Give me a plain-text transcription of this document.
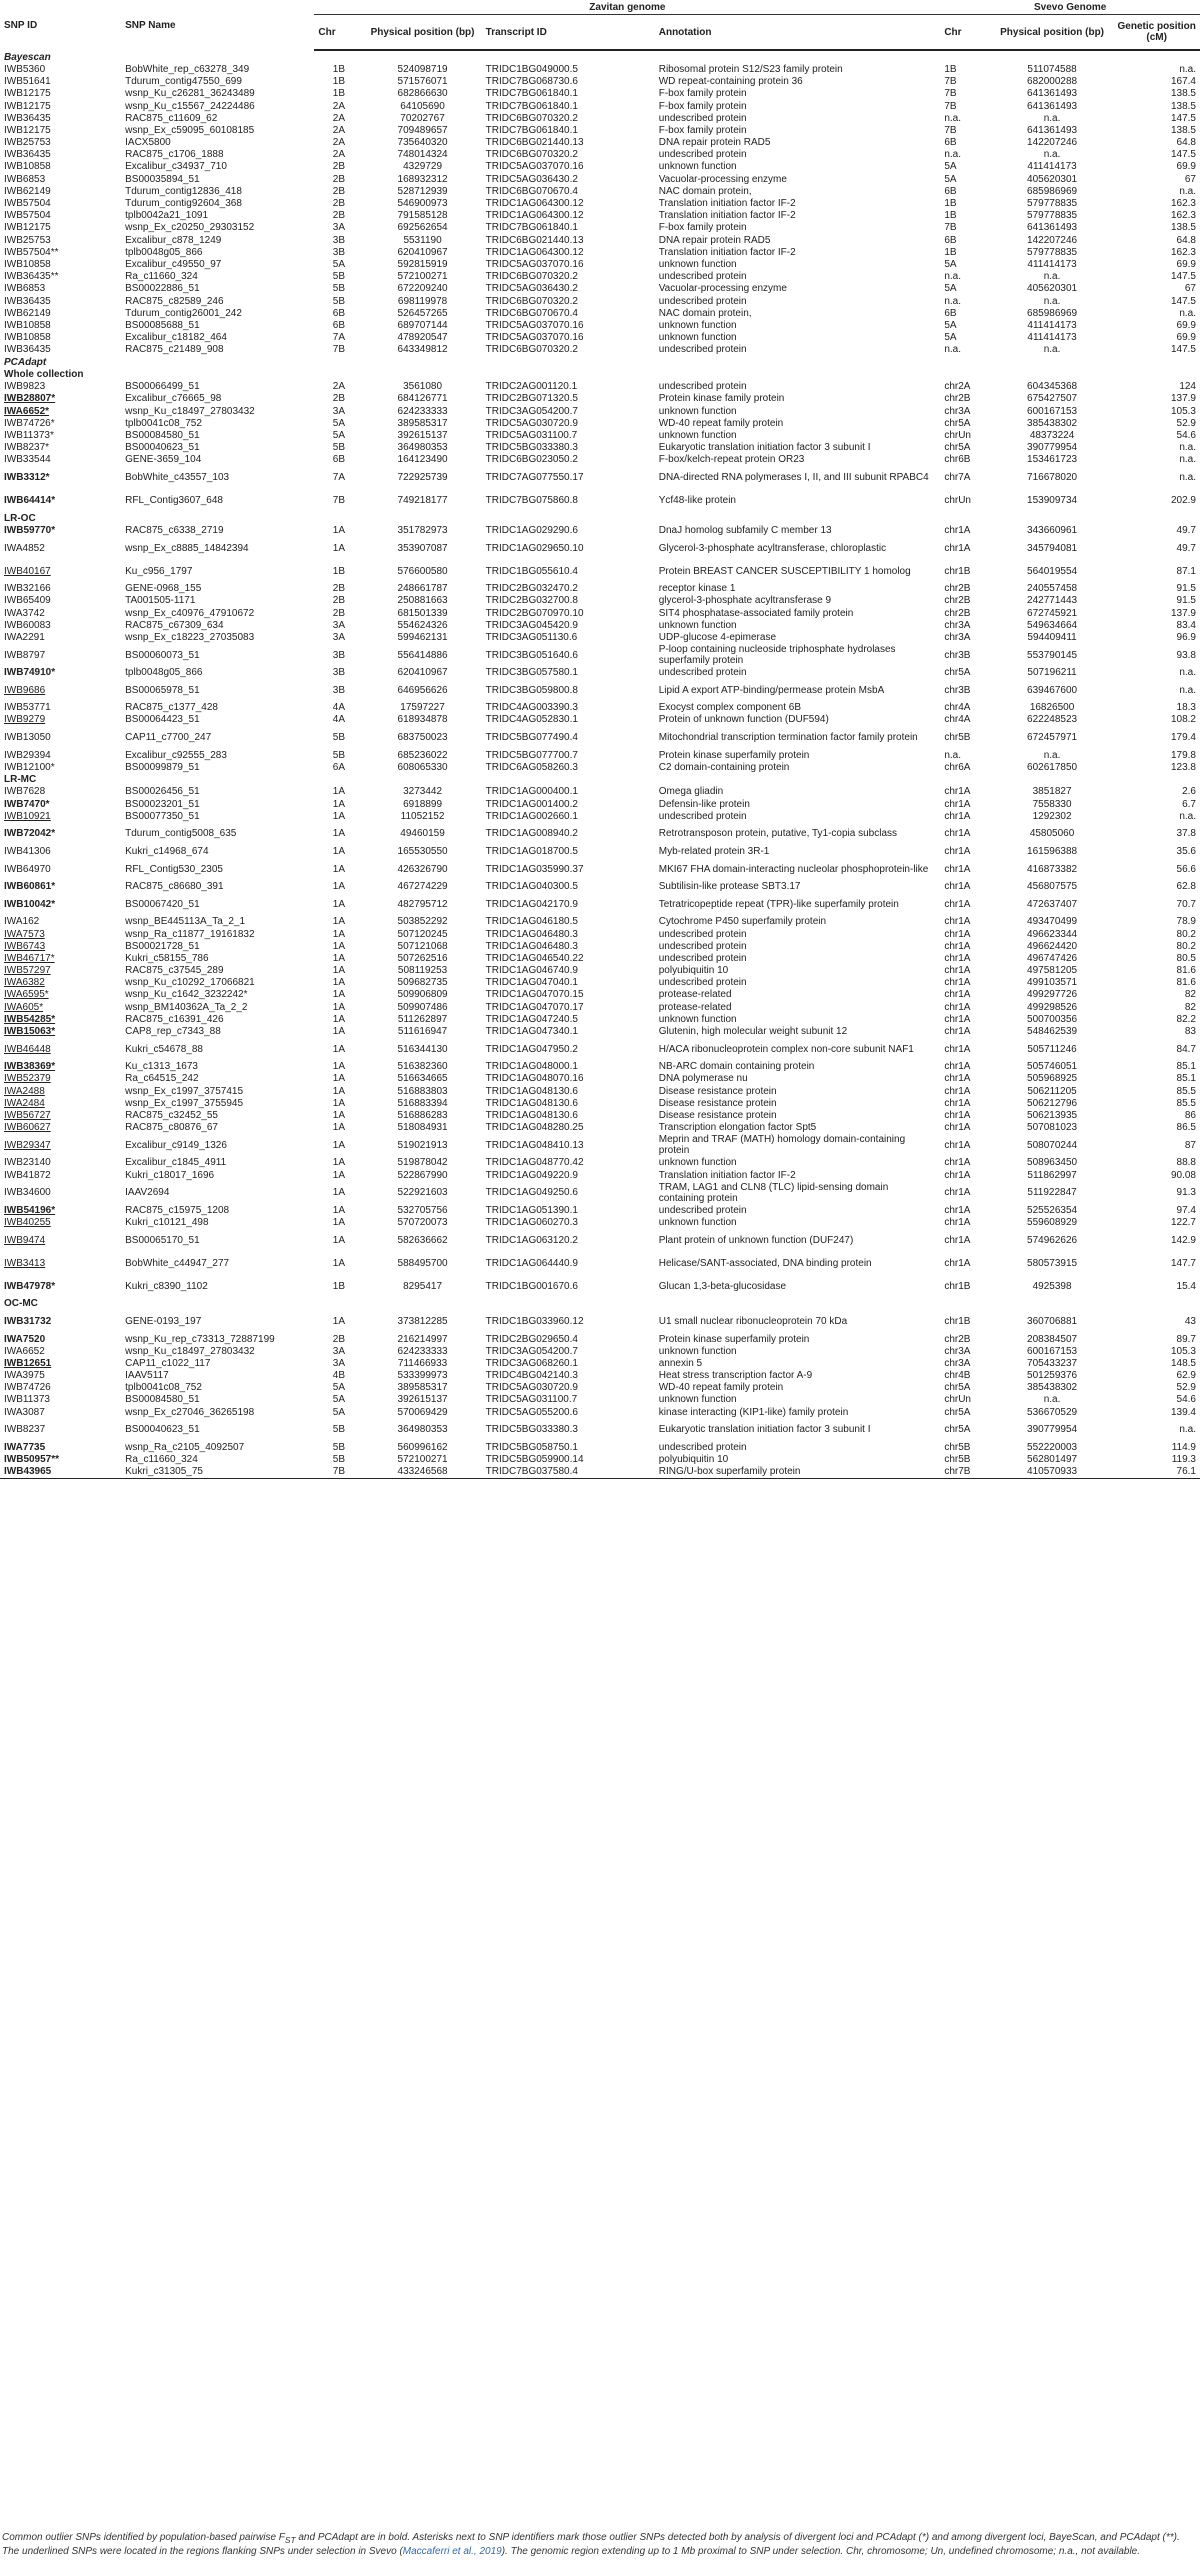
SNP ID	SNP Name	Zavitan genome				Svevo Genome		
		Chr	Physical position (bp)	Transcript ID	Annotation	Chr	Physical position (bp)	Genetic position (cM)
Bayescan								
IWB5360	BobWhite_rep_c63278_349	1B	524098719	TRIDC1BG049000.5	Ribosomal protein S12/S23 family protein	1B	511074588	n.a.
IWB51641	Tdurum_contig47550_699	1B	571576071	TRIDC7BG068730.6	WD repeat-containing protein 36	7B	682000288	167.4
IWB12175	wsnp_Ku_c26281_36243489	1B	682866630	TRIDC7BG061840.1	F-box family protein	7B	641361493	138.5
IWB12175	wsnp_Ku_c15567_24224486	2A	64105690	TRIDC7BG061840.1	F-box family protein	7B	641361493	138.5
IWB36435	RAC875_c11609_62	2A	70202767	TRIDC6BG070320.2	undescribed protein	n.a.	n.a.	147.5
IWB12175	wsnp_Ex_c59095_60108185	2A	709489657	TRIDC7BG061840.1	F-box family protein	7B	641361493	138.5
IWB25753	IACX5800	2A	735640320	TRIDC6BG021440.13	DNA repair protein RAD5	6B	142207246	64.8
IWB36435	RAC875_c1706_1888	2A	748014324	TRIDC6BG070320.2	undescribed protein	n.a.	n.a.	147.5
IWB10858	Excalibur_c34937_710	2B	4329729	TRIDC5AG037070.16	unknown function	5A	411414173	69.9
IWB6853	BS00035894_51	2B	168932312	TRIDC5AG036430.2	Vacuolar-processing enzyme	5A	405620301	67
IWB62149	Tdurum_contig12836_418	2B	528712939	TRIDC6BG070670.4	NAC domain protein,	6B	685986969	n.a.
IWB57504	Tdurum_contig92604_368	2B	546900973	TRIDC1AG064300.12	Translation initiation factor IF-2	1B	579778835	162.3
IWB57504	tplb0042a21_1091	2B	791585128	TRIDC1AG064300.12	Translation initiation factor IF-2	1B	579778835	162.3
IWB12175	wsnp_Ex_c20250_29303152	3A	692562654	TRIDC7BG061840.1	F-box family protein	7B	641361493	138.5
IWB25753	Excalibur_c878_1249	3B	5531190	TRIDC6BG021440.13	DNA repair protein RAD5	6B	142207246	64.8
IWB57504**	tplb0048g05_866	3B	620410967	TRIDC1AG064300.12	Translation initiation factor IF-2	1B	579778835	162.3
IWB10858	Excalibur_c49550_97	5A	592815919	TRIDC5AG037070.16	unknown function	5A	411414173	69.9
IWB36435**	Ra_c11660_324	5B	572100271	TRIDC6BG070320.2	undescribed protein	n.a.	n.a.	147.5
IWB6853	BS00022886_51	5B	672209240	TRIDC5AG036430.2	Vacuolar-processing enzyme	5A	405620301	67
IWB36435	RAC875_c82589_246	5B	698119978	TRIDC6BG070320.2	undescribed protein	n.a.	n.a.	147.5
IWB62149	Tdurum_contig26001_242	6B	526457265	TRIDC6BG070670.4	NAC domain protein,	6B	685986969	n.a.
IWB10858	BS00085688_51	6B	689707144	TRIDC5AG037070.16	unknown function	5A	411414173	69.9
IWB10858	Excalibur_c18182_464	7A	478920547	TRIDC5AG037070.16	unknown function	5A	411414173	69.9
IWB36435	RAC875_c21489_908	7B	643349812	TRIDC6BG070320.2	undescribed protein	n.a.	n.a.	147.5
PCAdapt								
Whole collection								
IWB9823	BS00066499_51	2A	3561080	TRIDC2AG001120.1	undescribed protein	chr2A	604345368	124
IWB28807*	Excalibur_c76665_98	2B	684126771	TRIDC2BG071320.5	Protein kinase family protein	chr2B	675427507	137.9
IWA6652*	wsnp_Ku_c18497_27803432	3A	624233333	TRIDC3AG054200.7	unknown function	chr3A	600167153	105.3
IWB74726*	tplb0041c08_752	5A	389585317	TRIDC5AG030720.9	WD-40 repeat family protein	chr5A	385438302	52.9
IWB11373*	BS00084580_51	5A	392615137	TRIDC5AG031100.7	unknown function	chrUn	48373224	54.6
IWB8237*	BS00040623_51	5B	364980353	TRIDC5BG033380.3	Eukaryotic translation initiation factor 3 subunit I	chr5A	390779954	n.a.
IWB33544	GENE-3659_104	6B	164123490	TRIDC6BG023050.2	F-box/kelch-repeat protein OR23	chr6B	153461723	n.a.
IWB3312*	BobWhite_c43557_103	7A	722925739	TRIDC7AG077550.17	DNA-directed RNA polymerases I, II, and III subunit RPABC4	chr7A	716678020	n.a.
IWB64414*	RFL_Contig3607_648	7B	749218177	TRIDC7BG075860.8	Ycf48-like protein	chrUn	153909734	202.9
LR-OC								
IWB59770*	RAC875_c6338_2719	1A	351782973	TRIDC1AG029290.6	DnaJ homolog subfamily C member 13	chr1A	343660961	49.7
IWA4852	wsnp_Ex_c8885_14842394	1A	353907087	TRIDC1AG029650.10	Glycerol-3-phosphate acyltransferase, chloroplastic	chr1A	345794081	49.7
IWB40167	Ku_c956_1797	1B	576600580	TRIDC1BG055610.4	Protein BREAST CANCER SUSCEPTIBILITY 1 homolog	chr1B	564019554	87.1
IWB32166	GENE-0968_155	2B	248661787	TRIDC2BG032470.2	receptor kinase 1	chr2B	240557458	91.5
IWB65409	TA001505-1171	2B	250881663	TRIDC2BG032700.8	glycerol-3-phosphate acyltransferase 9	chr2B	242771443	91.5
IWA3742	wsnp_Ex_c40976_47910672	2B	681501339	TRIDC2BG070970.10	SIT4 phosphatase-associated family protein	chr2B	672745921	137.9
IWB60083	RAC875_c67309_634	3A	554624326	TRIDC3AG045420.9	unknown function	chr3A	549634664	83.4
IWA2291	wsnp_Ex_c18223_27035083	3A	599462131	TRIDC3AG051130.6	UDP-glucose 4-epimerase	chr3A	594409411	96.9
IWB8797	BS00060073_51	3B	556414886	TRIDC3BG051640.6	P-loop containing nucleoside triphosphate hydrolases superfamily protein	chr3B	553790145	93.8
IWB74910*	tplb0048g05_866	3B	620410967	TRIDC3BG057580.1	undescribed protein	chr5A	507196211	n.a.
IWB9686	BS00065978_51	3B	646956626	TRIDC3BG059800.8	Lipid A export ATP-binding/permease protein MsbA	chr3B	639467600	n.a.
IWB53771	RAC875_c1377_428	4A	17597227	TRIDC4AG003390.3	Exocyst complex component 6B	chr4A	16826500	18.3
IWB9279	BS00064423_51	4A	618934878	TRIDC4AG052830.1	Protein of unknown function (DUF594)	chr4A	622248523	108.2
IWB13050	CAP11_c7700_247	5B	683750023	TRIDC5BG077490.4	Mitochondrial transcription termination factor family protein	chr5B	672457971	179.4
IWB29394	Excalibur_c92555_283	5B	685236022	TRIDC5BG077700.7	Protein kinase superfamily protein	n.a.	n.a.	179.8
IWB12100*	BS00099879_51	6A	608065330	TRIDC6AG058260.3	C2 domain-containing protein	chr6A	602617850	123.8
LR-MC								
IWB7628	BS00026456_51	1A	3273442	TRIDC1AG000400.1	Omega gliadin	chr1A	3851827	2.6
IWB7470*	BS00023201_51	1A	6918899	TRIDC1AG001400.2	Defensin-like protein	chr1A	7558330	6.7
IWB10921	BS00077350_51	1A	11052152	TRIDC1AG002660.1	undescribed protein	chr1A	1292302	n.a.
IWB72042*	Tdurum_contig5008_635	1A	49460159	TRIDC1AG008940.2	Retrotransposon protein, putative, Ty1-copia subclass	chr1A	45805060	37.8
IWB41306	Kukri_c14968_674	1A	165530550	TRIDC1AG018700.5	Myb-related protein 3R-1	chr1A	161596388	35.6
IWB64970	RFL_Contig530_2305	1A	426326790	TRIDC1AG035990.37	MKI67 FHA domain-interacting nucleolar phosphoprotein-like	chr1A	416873382	56.6
IWB60861*	RAC875_c86680_391	1A	467274229	TRIDC1AG040300.5	Subtilisin-like protease SBT3.17	chr1A	456807575	62.8
IWB10042*	BS00067420_51	1A	482795712	TRIDC1AG042170.9	Tetratricopeptide repeat (TPR)-like superfamily protein	chr1A	472637407	70.7
IWA162	wsnp_BE445113A_Ta_2_1	1A	503852292	TRIDC1AG046180.5	Cytochrome P450 superfamily protein	chr1A	493470499	78.9
IWA7573	wsnp_Ra_c11877_19161832	1A	507120245	TRIDC1AG046480.3	undescribed protein	chr1A	496623344	80.2
IWB6743	BS00021728_51	1A	507121068	TRIDC1AG046480.3	undescribed protein	chr1A	496624420	80.2
IWB46717*	Kukri_c58155_786	1A	507262516	TRIDC1AG046540.22	undescribed protein	chr1A	496747426	80.5
IWB57297	RAC875_c37545_289	1A	508119253	TRIDC1AG046740.9	polyubiquitin 10	chr1A	497581205	81.6
IWA6382	wsnp_Ku_c10292_17066821	1A	509682735	TRIDC1AG047040.1	undescribed protein	chr1A	499103571	81.6
IWA6595*	wsnp_Ku_c1642_3232242*	1A	509906809	TRIDC1AG047070.15	protease-related	chr1A	499297726	82
IWA605*	wsnp_BM140362A_Ta_2_2	1A	509907486	TRIDC1AG047070.17	protease-related	chr1A	499298526	82
IWB54285*	RAC875_c16391_426	1A	511262897	TRIDC1AG047240.5	unknown function	chr1A	500700356	82.2
IWB15063*	CAP8_rep_c7343_88	1A	511616947	TRIDC1AG047340.1	Glutenin, high molecular weight subunit 12	chr1A	548462539	83
IWB46448	Kukri_c54678_88	1A	516344130	TRIDC1AG047950.2	H/ACA ribonucleoprotein complex non-core subunit NAF1	chr1A	505711246	84.7
IWB38369*	Ku_c1313_1673	1A	516382360	TRIDC1AG048000.1	NB-ARC domain containing protein	chr1A	505746051	85.1
IWB52379	Ra_c64515_242	1A	516634665	TRIDC1AG048070.16	DNA polymerase nu	chr1A	505968925	85.1
IWA2488	wsnp_Ex_c1997_3757415	1A	516883803	TRIDC1AG048130.6	Disease resistance protein	chr1A	506211205	85.5
IWA2484	wsnp_Ex_c1997_3755945	1A	516883394	TRIDC1AG048130.6	Disease resistance protein	chr1A	506212796	85.5
IWB56727	RAC875_c32452_55	1A	516886283	TRIDC1AG048130.6	Disease resistance protein	chr1A	506213935	86
IWB60627	RAC875_c80876_67	1A	518084931	TRIDC1AG048280.25	Transcription elongation factor Spt5	chr1A	507081023	86.5
IWB29347	Excalibur_c9149_1326	1A	519021913	TRIDC1AG048410.13	Meprin and TRAF (MATH) homology domain-containing protein	chr1A	508070244	87
IWB23140	Excalibur_c1845_4911	1A	519878042	TRIDC1AG048770.42	unknown function	chr1A	508963450	88.8
IWB41872	Kukri_c18017_1696	1A	522867990	TRIDC1AG049220.9	Translation initiation factor IF-2	chr1A	511862997	90.08
IWB34600	IAAV2694	1A	522921603	TRIDC1AG049250.6	TRAM, LAG1 and CLN8 (TLC) lipid-sensing domain containing protein	chr1A	511922847	91.3
IWB54196*	RAC875_c15975_1208	1A	532705756	TRIDC1AG051390.1	undescribed protein	chr1A	525526354	97.4
IWB40255	Kukri_c10121_498	1A	570720073	TRIDC1AG060270.3	unknown function	chr1A	559608929	122.7
IWB9474	BS00065170_51	1A	582636662	TRIDC1AG063120.2	Plant protein of unknown function (DUF247)	chr1A	574962626	142.9
IWB3413	BobWhite_c44947_277	1A	588495700	TRIDC1AG064440.9	Helicase/SANT-associated, DNA binding protein	chr1A	580573915	147.7
IWB47978*	Kukri_c8390_1102	1B	8295417	TRIDC1BG001670.6	Glucan 1,3-beta-glucosidase	chr1B	4925398	15.4
OC-MC								
IWB31732	GENE-0193_197	1A	373812285	TRIDC1BG033960.12	U1 small nuclear ribonucleoprotein 70 kDa	chr1B	360706881	43
IWA7520	wsnp_Ku_rep_c73313_72887199	2B	216214997	TRIDC2BG029650.4	Protein kinase superfamily protein	chr2B	208384507	89.7
IWA6652	wsnp_Ku_c18497_27803432	3A	624233333	TRIDC3AG054200.7	unknown function	chr3A	600167153	105.3
IWB12651	CAP11_c1022_117	3A	711466933	TRIDC3AG068260.1	annexin 5	chr3A	705433237	148.5
IWA3975	IAAV5117	4B	533399973	TRIDC4BG042140.3	Heat stress transcription factor A-9	chr4B	501259376	62.9
IWB74726	tplb0041c08_752	5A	389585317	TRIDC5AG030720.9	WD-40 repeat family protein	chr5A	385438302	52.9
IWB11373	BS00084580_51	5A	392615137	TRIDC5AG031100.7	unknown function	chrUn	n.a.	54.6
IWA3087	wsnp_Ex_c27046_36265198	5A	570069429	TRIDC5AG055200.6	kinase interacting (KIP1-like) family protein	chr5A	536670529	139.4
IWB8237	BS00040623_51	5B	364980353	TRIDC5BG033380.3	Eukaryotic translation initiation factor 3 subunit I	chr5A	390779954	n.a.
IWA7735	wsnp_Ra_c2105_4092507	5B	560996162	TRIDC5BG058750.1	undescribed protein	chr5B	552220003	114.9
IWB50957**	Ra_c11660_324	5B	572100271	TRIDC5BG059900.14	polyubiquitin 10	chr5B	562801497	119.3
IWB43965	Kukri_c31305_75	7B	433246568	TRIDC7BG037580.4	RING/U-box superfamily protein	chr7B	410570933	76.1
Common outlier SNPs identified by population-based pairwise $F_{ST}$ and PCAdapt are in bold. Asterisks next to SNP identifiers mark those outlier SNPs detected both by analysis of divergent loci and PCAdapt (*) and among divergent loci, BayeScan, and PCAdapt (**). The underlined SNPs were located in the regions flanking SNPs under selection in Svevo (Maccaferri et al., 2019). The genomic region extending up to 1 Mb proximal to SNP under selection. Chr, chromosome; Un, undefined chromosome; n.a., not available.
